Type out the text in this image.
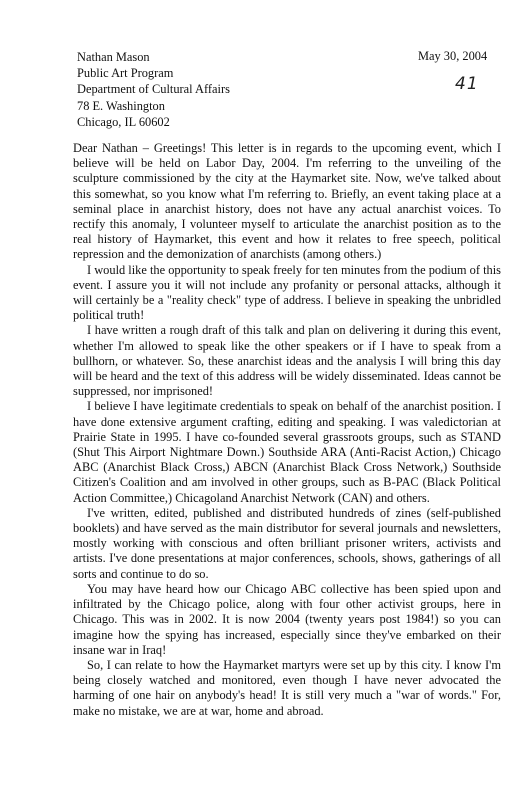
Nathan Mason
Public Art Program
Department of Cultural Affairs
78 E. Washington
Chicago, IL 60602
May 30, 2004
41

Dear Nathan – Greetings! This letter is in regards to the upcoming event, which I believe will be held on Labor Day, 2004. I'm referring to the unveiling of the sculpture commissioned by the city at the Haymarket site. Now, we've talked about this somewhat, so you know what I'm referring to. Briefly, an event taking place at a seminal place in anarchist history, does not have any actual anarchist voices. To rectify this anomaly, I volunteer myself to articulate the anarchist position as to the real history of Haymarket, this event and how it relates to free speech, political repression and the demonization of anarchists (among others.)

I would like the opportunity to speak freely for ten minutes from the podium of this event. I assure you it will not include any profanity or personal attacks, although it will certainly be a "reality check" type of address. I believe in speaking the unbridled political truth!

I have written a rough draft of this talk and plan on delivering it during this event, whether I'm allowed to speak like the other speakers or if I have to speak from a bullhorn, or whatever. So, these anarchist ideas and the analysis I will bring this day will be heard and the text of this address will be widely disseminated. Ideas cannot be suppressed, nor imprisoned!

I believe I have legitimate credentials to speak on behalf of the anarchist position. I have done extensive argument crafting, editing and speaking. I was valedictorian at Prairie State in 1995. I have co-founded several grassroots groups, such as STAND (Shut This Airport Nightmare Down.) Southside ARA (Anti-Racist Action,) Chicago ABC (Anarchist Black Cross,) ABCN (Anarchist Black Cross Network,) Southside Citizen's Coalition and am involved in other groups, such as B-PAC (Black Political Action Committee,) Chicagoland Anarchist Network (CAN) and others.

I've written, edited, published and distributed hundreds of zines (self-published booklets) and have served as the main distributor for several journals and newsletters, mostly working with conscious and often brilliant prisoner writers, activists and artists. I've done presentations at major conferences, schools, shows, gatherings of all sorts and continue to do so.

You may have heard how our Chicago ABC collective has been spied upon and infiltrated by the Chicago police, along with four other activist groups, here in Chicago. This was in 2002. It is now 2004 (twenty years post 1984!) so you can imagine how the spying has increased, especially since they've embarked on their insane war in Iraq!

So, I can relate to how the Haymarket martyrs were set up by this city. I know I'm being closely watched and monitored, even though I have never advocated the harming of one hair on anybody's head! It is still very much a "war of words." For, make no mistake, we are at war, home and abroad.
